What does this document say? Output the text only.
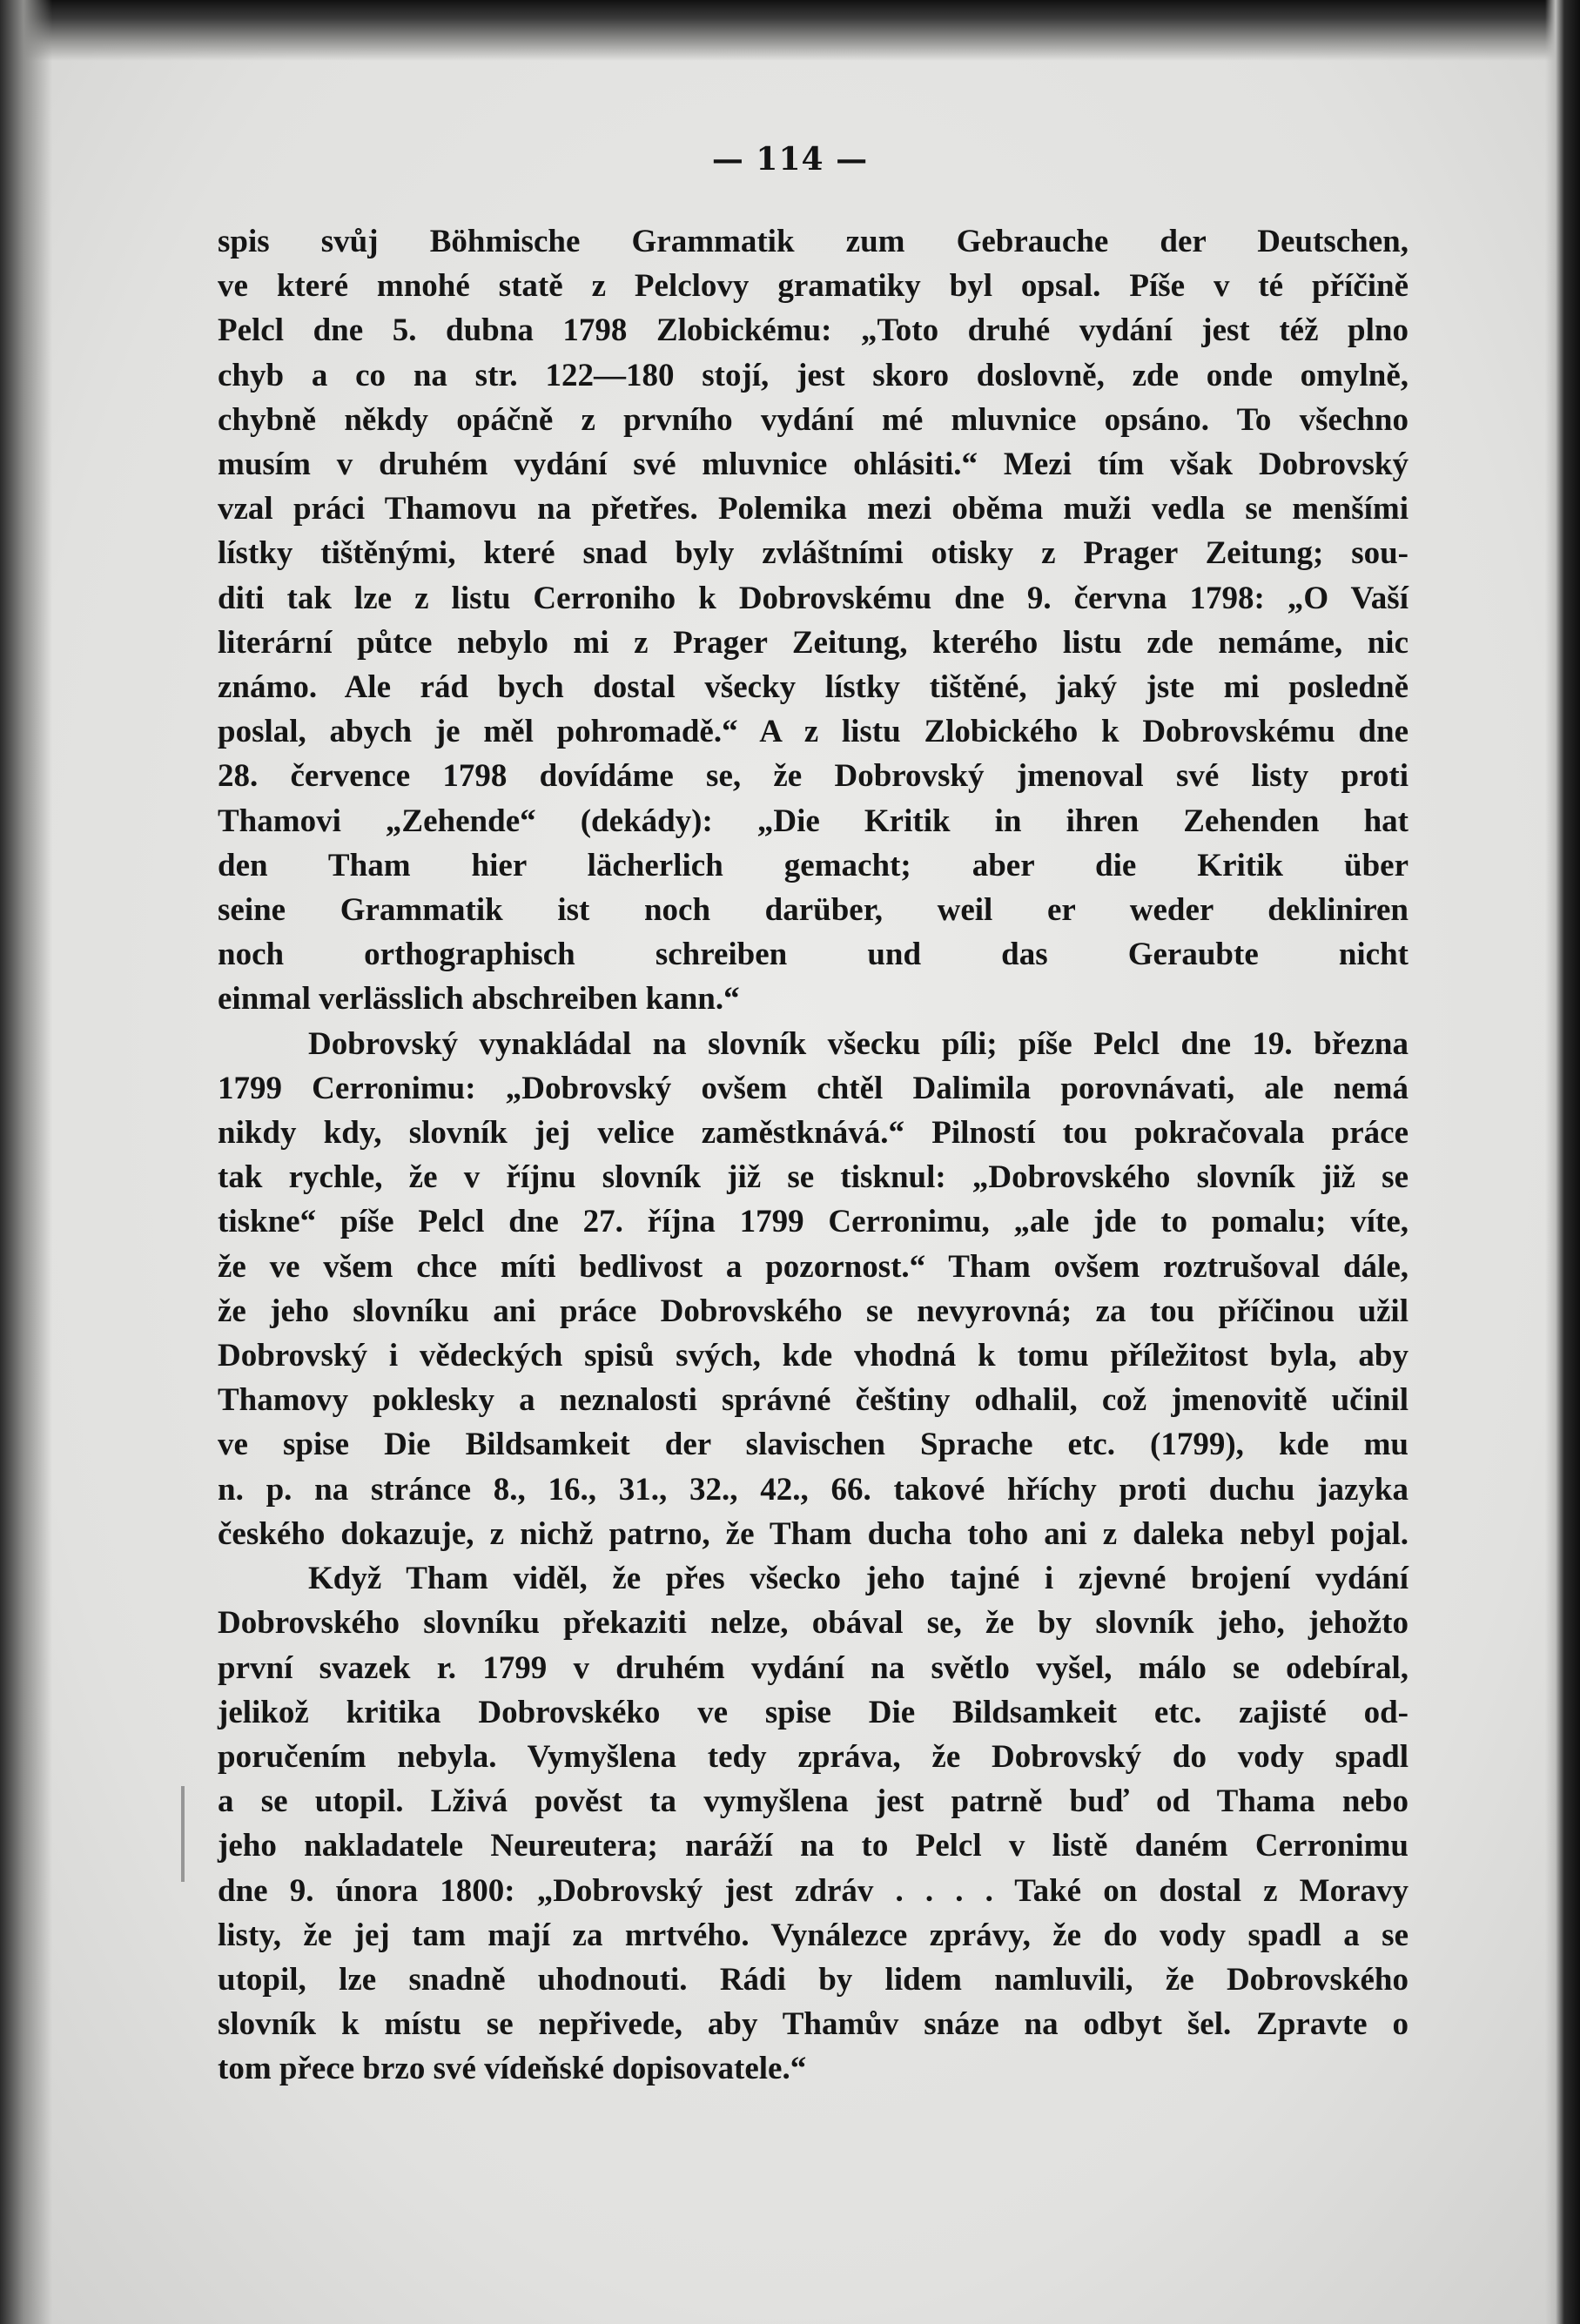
— 114 —

spis svůj Böhmische Grammatik zum Gebrauche der Deutschen,

ve které mnohé statě z Pelclovy gramatiky byl opsal. Píše v té příčině

Pelcl dne 5. dubna 1798 Zlobickému: „Toto druhé vydání jest též plno

chyb a co na str. 122—180 stojí, jest skoro doslovně, zde onde omylně,

chybně někdy opáčně z prvního vydání mé mluvnice opsáno. To všechno

musím v druhém vydání své mluvnice ohlásiti.“ Mezi tím však Dobrovský

vzal práci Thamovu na přetřes. Polemika mezi oběma muži vedla se menšími

lístky tištěnými, které snad byly zvláštními otisky z Prager Zeitung; sou-

diti tak lze z listu Cerroniho k Dobrovskému dne 9. června 1798: „O Vaší

literární půtce nebylo mi z Prager Zeitung, kterého listu zde nemáme, nic

známo. Ale rád bych dostal všecky lístky tištěné, jaký jste mi posledně

poslal, abych je měl pohromadě.“ A z listu Zlobického k Dobrovskému dne

28. července 1798 dovídáme se, že Dobrovský jmenoval své listy proti

Thamovi „Zehende“ (dekády): „Die Kritik in ihren Zehenden hat

den Tham hier lächerlich gemacht; aber die Kritik über

seine Grammatik ist noch darüber, weil er weder dekliniren

noch orthographisch schreiben und das Geraubte nicht

einmal verlässlich abschreiben kann.“

Dobrovský vynakládal na slovník všecku píli; píše Pelcl dne 19. března

1799 Cerronimu: „Dobrovský ovšem chtěl Dalimila porovnávati, ale nemá

nikdy kdy, slovník jej velice zaměstknává.“ Pilností tou pokračovala práce

tak rychle, že v říjnu slovník již se tisknul: „Dobrovského slovník již se

tiskne“ píše Pelcl dne 27. října 1799 Cerronimu, „ale jde to pomalu; víte,

že ve všem chce míti bedlivost a pozornost.“ Tham ovšem roztrušoval dále,

že jeho slovníku ani práce Dobrovského se nevyrovná; za tou příčinou užil

Dobrovský i vědeckých spisů svých, kde vhodná k tomu příležitost byla, aby

Thamovy poklesky a neznalosti správné češtiny odhalil, což jmenovitě učinil

ve spise Die Bildsamkeit der slavischen Sprache etc. (1799), kde mu

n. p. na stránce 8., 16., 31., 32., 42., 66. takové hříchy proti duchu jazyka

českého dokazuje, z nichž patrno, že Tham ducha toho ani z daleka nebyl pojal.

Když Tham viděl, že přes všecko jeho tajné i zjevné brojení vydání

Dobrovského slovníku překaziti nelze, obával se, že by slovník jeho, jehožto

první svazek r. 1799 v druhém vydání na světlo vyšel, málo se odebíral,

jelikož kritika Dobrovskéko ve spise Die Bildsamkeit etc. zajisté od-

poručením nebyla. Vymyšlena tedy zpráva, že Dobrovský do vody spadl

a se utopil. Lživá pověst ta vymyšlena jest patrně buď od Thama nebo

jeho nakladatele Neureutera; naráží na to Pelcl v listě daném Cerronimu

dne 9. února 1800: „Dobrovský jest zdráv . . . . Také on dostal z Moravy

listy, že jej tam mají za mrtvého. Vynálezce zprávy, že do vody spadl a se

utopil, lze snadně uhodnouti. Rádi by lidem namluvili, že Dobrovského

slovník k místu se nepřivede, aby Thamův snáze na odbyt šel. Zpravte o

tom přece brzo své vídeňské dopisovatele.“
